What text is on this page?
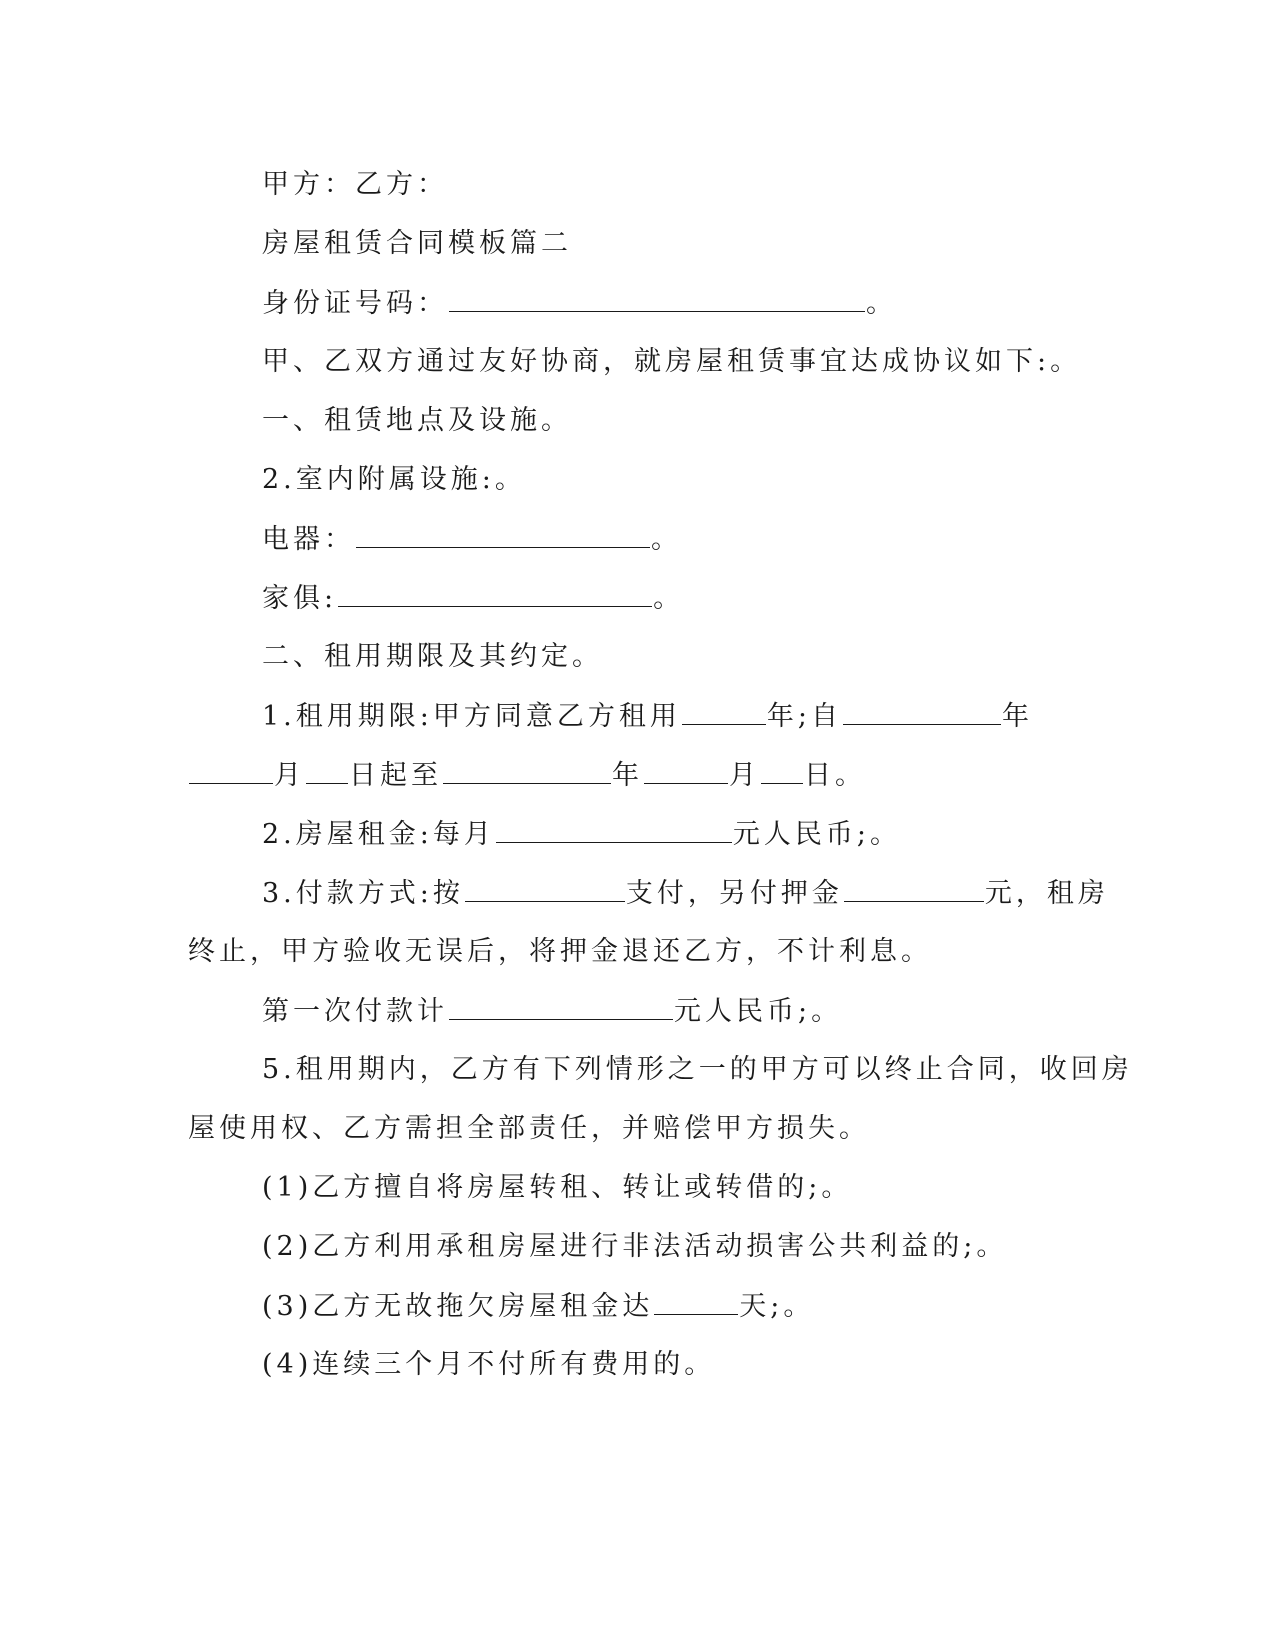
甲方：乙方：
房屋租赁合同模板篇二
身份证号码：	。
甲、乙双方通过友好协商，就房屋租赁事宜达成协议如下:。
一、租赁地点及设施。
2.室内附属设施:。
电器：	。
家俱:	。
二、租用期限及其约定。
1.租用期限:甲方同意乙方租用	年;自	年
月 日起至	年	月 日。
2.房屋租金:每月	元人民币;。
3.付款方式:按	支付，另付押金	元，租房
终止，甲方验收无误后，将押金退还乙方，不计利息。
第一次付款计	元人民币;。
5.租用期内，乙方有下列情形之一的甲方可以终止合同，收回房
屋使用权、乙方需担全部责任，并赔偿甲方损失。
(1)乙方擅自将房屋转租、转让或转借的;。
(2)乙方利用承租房屋进行非法活动损害公共利益的;。
(3)乙方无故拖欠房屋租金达	天;。
(4)连续三个月不付所有费用的。
